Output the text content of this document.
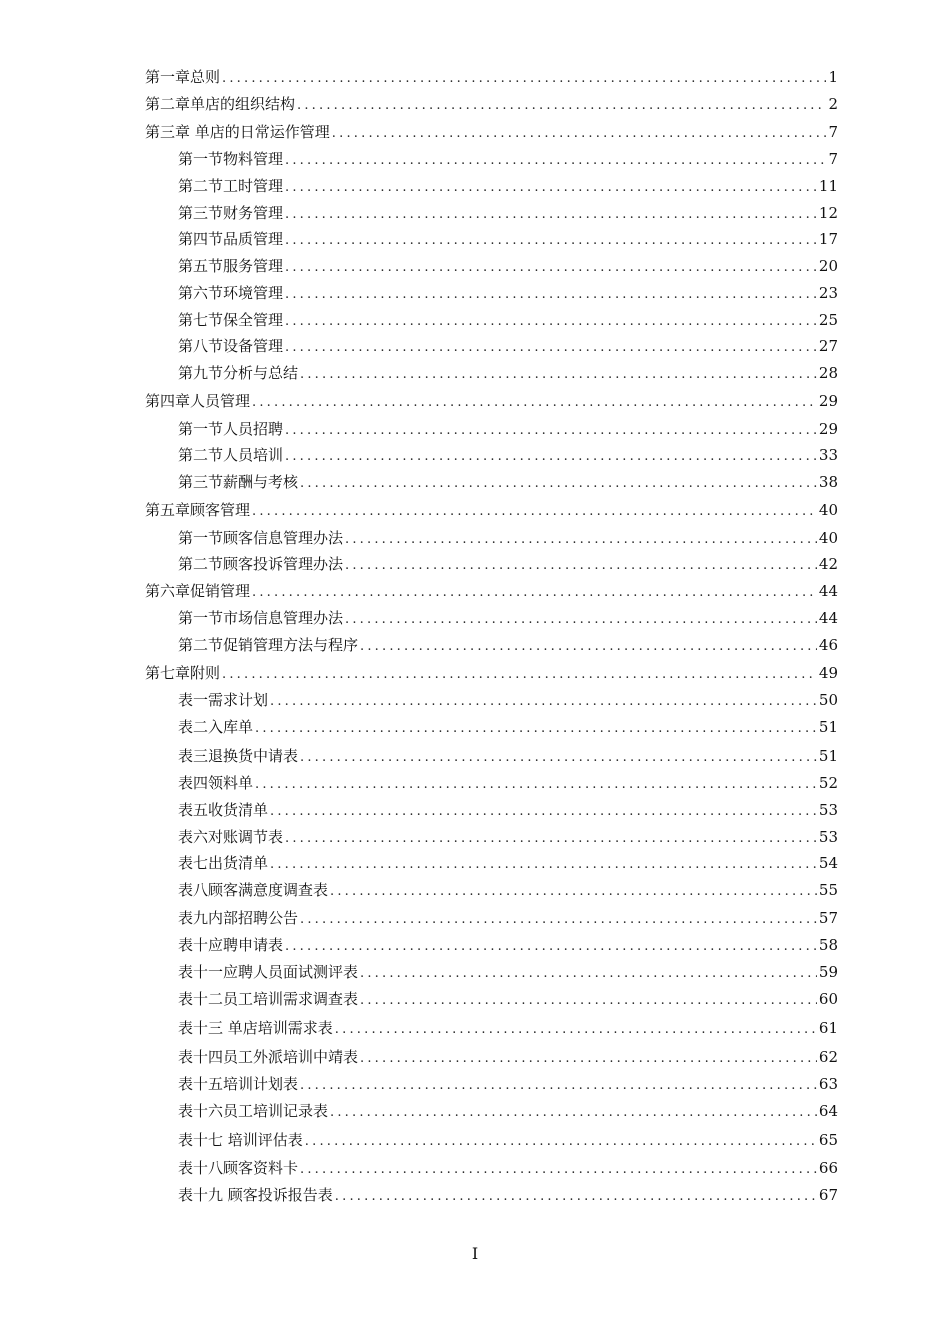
第一章总则 .....	1
第二章单店的组织结构 .....	2
第三章 单店的日常运作管理 .....	7
第一节物料管理 .....	7
第二节工时管理 .....	11
第三节财务管理 .....	12
第四节品质管理 .....	17
第五节服务管理 .....	20
第六节环境管理 .....	23
第七节保全管理 .....	25
第八节设备管理 .....	27
第九节分析与总结 .....	28
第四章人员管理 .....	29
第一节人员招聘 .....	29
第二节人员培训 .....	33
第三节薪酬与考核 .....	38
第五章顾客管理 .....	40
第一节顾客信息管理办法 .....	40
第二节顾客投诉管理办法 .....	42
第六章促销管理 .....	44
第一节市场信息管理办法 .....	44
第二节促销管理方法与程序 .....	46
第七章附则 .....	49
表一需求计划 .....	50
表二入库单 .....	51
表三退换货中请表 .....	51
表四领料单 .....	52
表五收货清单 .....	53
表六对账调节表 .....	53
表七出货清单 .....	54
表八顾客满意度调查表 .....	55
表九内部招聘公告 .....	57
表十应聘申请表 .....	58
表十一应聘人员面试测评表 .....	59
表十二员工培训需求调查表 .....	60
表十三 单店培训需求表 .....	61
表十四员工外派培训中靖表 .....	62
表十五培训计划表 .....	63
表十六员工培训记录表 .....	64
表十七 培训评估表 .....	65
表十八顾客资料卡 .....	66
表十九 顾客投诉报告表 .....	67
I
